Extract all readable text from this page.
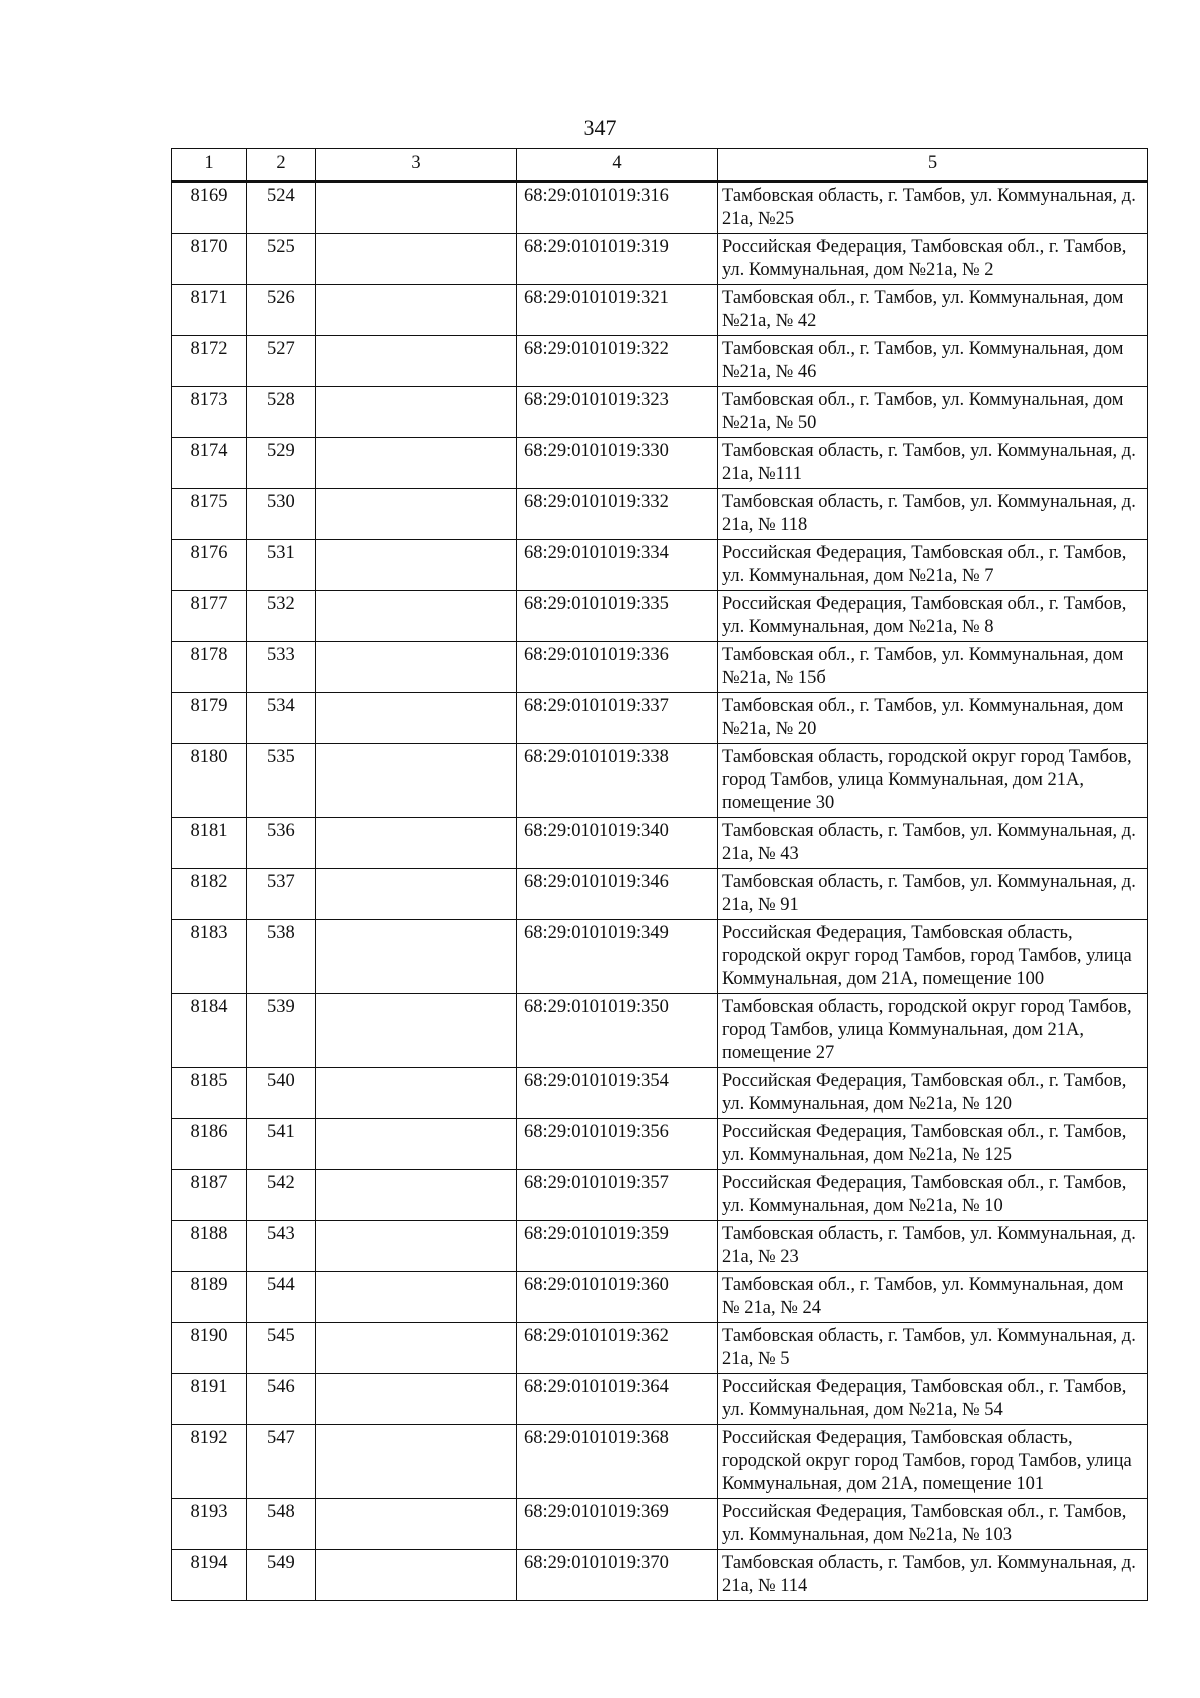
347
1	2	3	4	5
8169	524		68:29:0101019:316	Тамбовская область, г. Тамбов, ул. Коммунальная, д. 21а, №25
8170	525		68:29:0101019:319	Российская Федерация, Тамбовская обл., г. Тамбов, ул. Коммунальная, дом №21а, № 2
8171	526		68:29:0101019:321	Тамбовская обл., г. Тамбов, ул. Коммунальная, дом №21а, № 42
8172	527		68:29:0101019:322	Тамбовская обл., г. Тамбов, ул. Коммунальная, дом №21а, № 46
8173	528		68:29:0101019:323	Тамбовская обл., г. Тамбов, ул. Коммунальная, дом №21а, № 50
8174	529		68:29:0101019:330	Тамбовская область, г. Тамбов, ул. Коммунальная, д. 21а, №111
8175	530		68:29:0101019:332	Тамбовская область, г. Тамбов, ул. Коммунальная, д. 21а, № 118
8176	531		68:29:0101019:334	Российская Федерация, Тамбовская обл., г. Тамбов, ул. Коммунальная, дом №21а, № 7
8177	532		68:29:0101019:335	Российская Федерация, Тамбовская обл., г. Тамбов, ул. Коммунальная, дом №21а, № 8
8178	533		68:29:0101019:336	Тамбовская обл., г. Тамбов, ул. Коммунальная, дом №21а, № 15б
8179	534		68:29:0101019:337	Тамбовская обл., г. Тамбов, ул. Коммунальная, дом №21а, № 20
8180	535		68:29:0101019:338	Тамбовская область, городской округ город Тамбов, город Тамбов, улица Коммунальная, дом 21А, помещение 30
8181	536		68:29:0101019:340	Тамбовская область, г. Тамбов, ул. Коммунальная, д. 21а, № 43
8182	537		68:29:0101019:346	Тамбовская область, г. Тамбов, ул. Коммунальная, д. 21а, № 91
8183	538		68:29:0101019:349	Российская Федерация, Тамбовская область, городской округ город Тамбов, город Тамбов, улица Коммунальная, дом 21А, помещение 100
8184	539		68:29:0101019:350	Тамбовская область, городской округ город Тамбов, город Тамбов, улица Коммунальная, дом 21А, помещение 27
8185	540		68:29:0101019:354	Российская Федерация, Тамбовская обл., г. Тамбов, ул. Коммунальная, дом №21а, № 120
8186	541		68:29:0101019:356	Российская Федерация, Тамбовская обл., г. Тамбов, ул. Коммунальная, дом №21а, № 125
8187	542		68:29:0101019:357	Российская Федерация, Тамбовская обл., г. Тамбов, ул. Коммунальная, дом №21а, № 10
8188	543		68:29:0101019:359	Тамбовская область, г. Тамбов, ул. Коммунальная, д. 21а, № 23
8189	544		68:29:0101019:360	Тамбовская обл., г. Тамбов, ул. Коммунальная, дом № 21а, № 24
8190	545		68:29:0101019:362	Тамбовская область, г. Тамбов, ул. Коммунальная, д. 21а, № 5
8191	546		68:29:0101019:364	Российская Федерация, Тамбовская обл., г. Тамбов, ул. Коммунальная, дом №21а, № 54
8192	547		68:29:0101019:368	Российская Федерация, Тамбовская область, городской округ город Тамбов, город Тамбов, улица Коммунальная, дом 21А, помещение 101
8193	548		68:29:0101019:369	Российская Федерация, Тамбовская обл., г. Тамбов, ул. Коммунальная, дом №21а, № 103
8194	549		68:29:0101019:370	Тамбовская область, г. Тамбов, ул. Коммунальная, д. 21а, № 114
